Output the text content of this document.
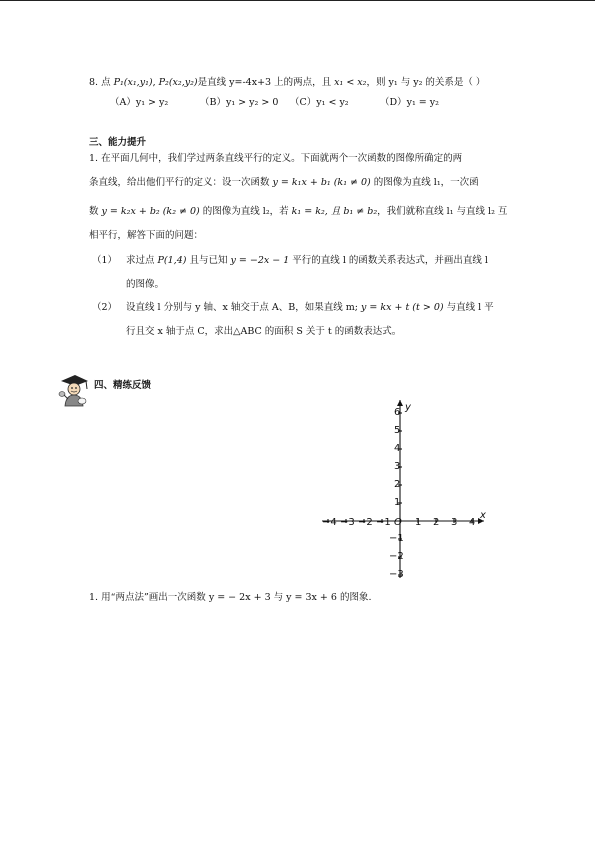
8. 点 P₁(x₁,y₁), P₂(x₂,y₂)是直线 y=-4x+3 上的两点，且 x₁ < x₂，则 y₁ 与 y₂ 的关系是（ ）
（A）y₁ > y₂	（B）y₁ > y₂ > 0 （C）y₁ < y₂	（D）y₁ = y₂
三、能力提升
1. 在平面几何中，我们学过两条直线平行的定义。下面就两个一次函数的图像所确定的两
条直线，给出他们平行的定义：设一次函数 y = k₁x + b₁ (k₁ ≠ 0) 的图像为直线 l₁，一次函
数 y = k₂x + b₂ (k₂ ≠ 0) 的图像为直线 l₂，若 k₁ = k₂, 且 b₁ ≠ b₂，我们就称直线 l₁ 与直线 l₂ 互
相平行，解答下面的问题：
（1） 求过点 P(1,4) 且与已知 y = −2x − 1 平行的直线 l 的函数关系表达式，并画出直线 l
的图像。
（2） 设直线 l 分别与 y 轴、x 轴交于点 A、B，如果直线 m; y = kx + t (t > 0) 与直线 l 平
行且交 x 轴于点 C，求出△ABC 的面积 S 关于 t 的函数表达式。
四、精练反馈
−4 −3 −2 −1 1 2 3 4
6
5
4
3
2
1
−1
−2
−3
O
x
y
1. 用“两点法”画出一次函数 y = − 2x + 3 与 y = 3x + 6 的图象.
